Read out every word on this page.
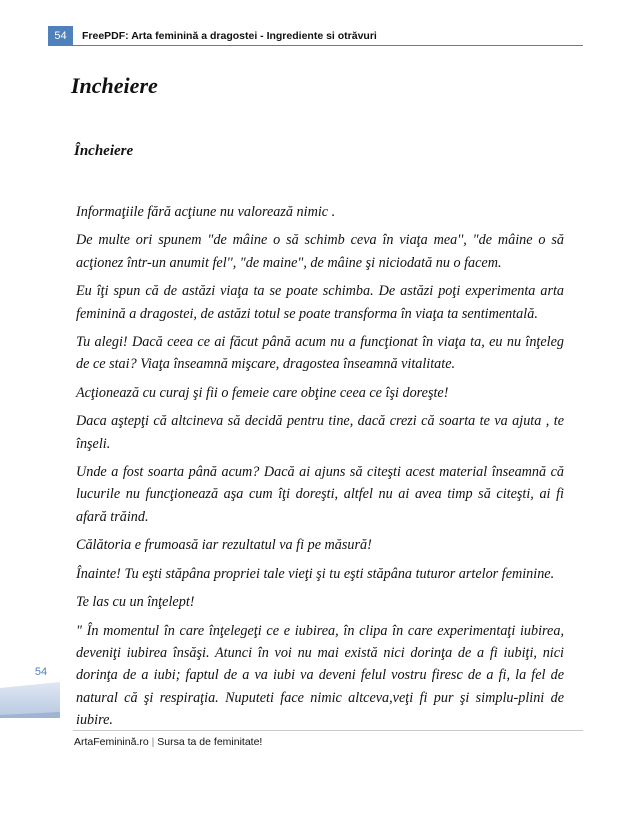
54	FreePDF: Arta feminină a dragostei - Ingrediente si otrăvuri
Incheiere
Încheiere

Informaţiile fără acţiune nu valorează nimic .

De multe ori spunem "de mâine o să schimb ceva în viaţa mea'', "de mâine o să acţionez într-un anumit fel'', "de maine", de mâine şi niciodată nu o facem.

Eu îţi spun că de astăzi viaţa ta se poate schimba. De astăzi poţi experimenta arta feminină a dragostei, de astăzi totul se poate transforma în viaţa ta sentimentală.

Tu alegi! Dacă ceea ce ai făcut până acum nu a funcţionat în viaţa ta, eu nu înţeleg de ce stai? Viaţa înseamnă mişcare, dragostea înseamnă vitalitate.

Acţionează cu curaj şi fii o femeie care obţine ceea ce îşi doreşte!

Daca aştepţi că altcineva să decidă pentru tine, dacă crezi că soarta te va ajuta , te înşeli.

Unde a fost soarta până acum? Dacă ai ajuns să citeşti acest material înseamnă că lucurile nu funcţionează aşa cum îţi doreşti, altfel nu ai avea timp să citeşti, ai fi afară trăind.

Călătoria e frumoasă iar rezultatul va fi pe măsură!

Înainte! Tu eşti stăpâna propriei tale vieţi şi tu eşti stăpâna tuturor artelor feminine.

Te las cu un înţelept!

" În momentul în care înţelegeţi ce e iubirea, în clipa în care experimentaţi iubirea, deveniţi iubirea însăşi. Atunci în voi nu mai există nici dorinţa de a fi iubiţi, nici dorinţa de a iubi; faptul de a va iubi va deveni felul vostru firesc de a fi, la fel de natural că şi respiraţia. Nuputeti face nimic altceva,veţi fi pur şi simplu-plini de iubire.

54
ArtaFeminină.ro | Sursa ta de feminitate!
